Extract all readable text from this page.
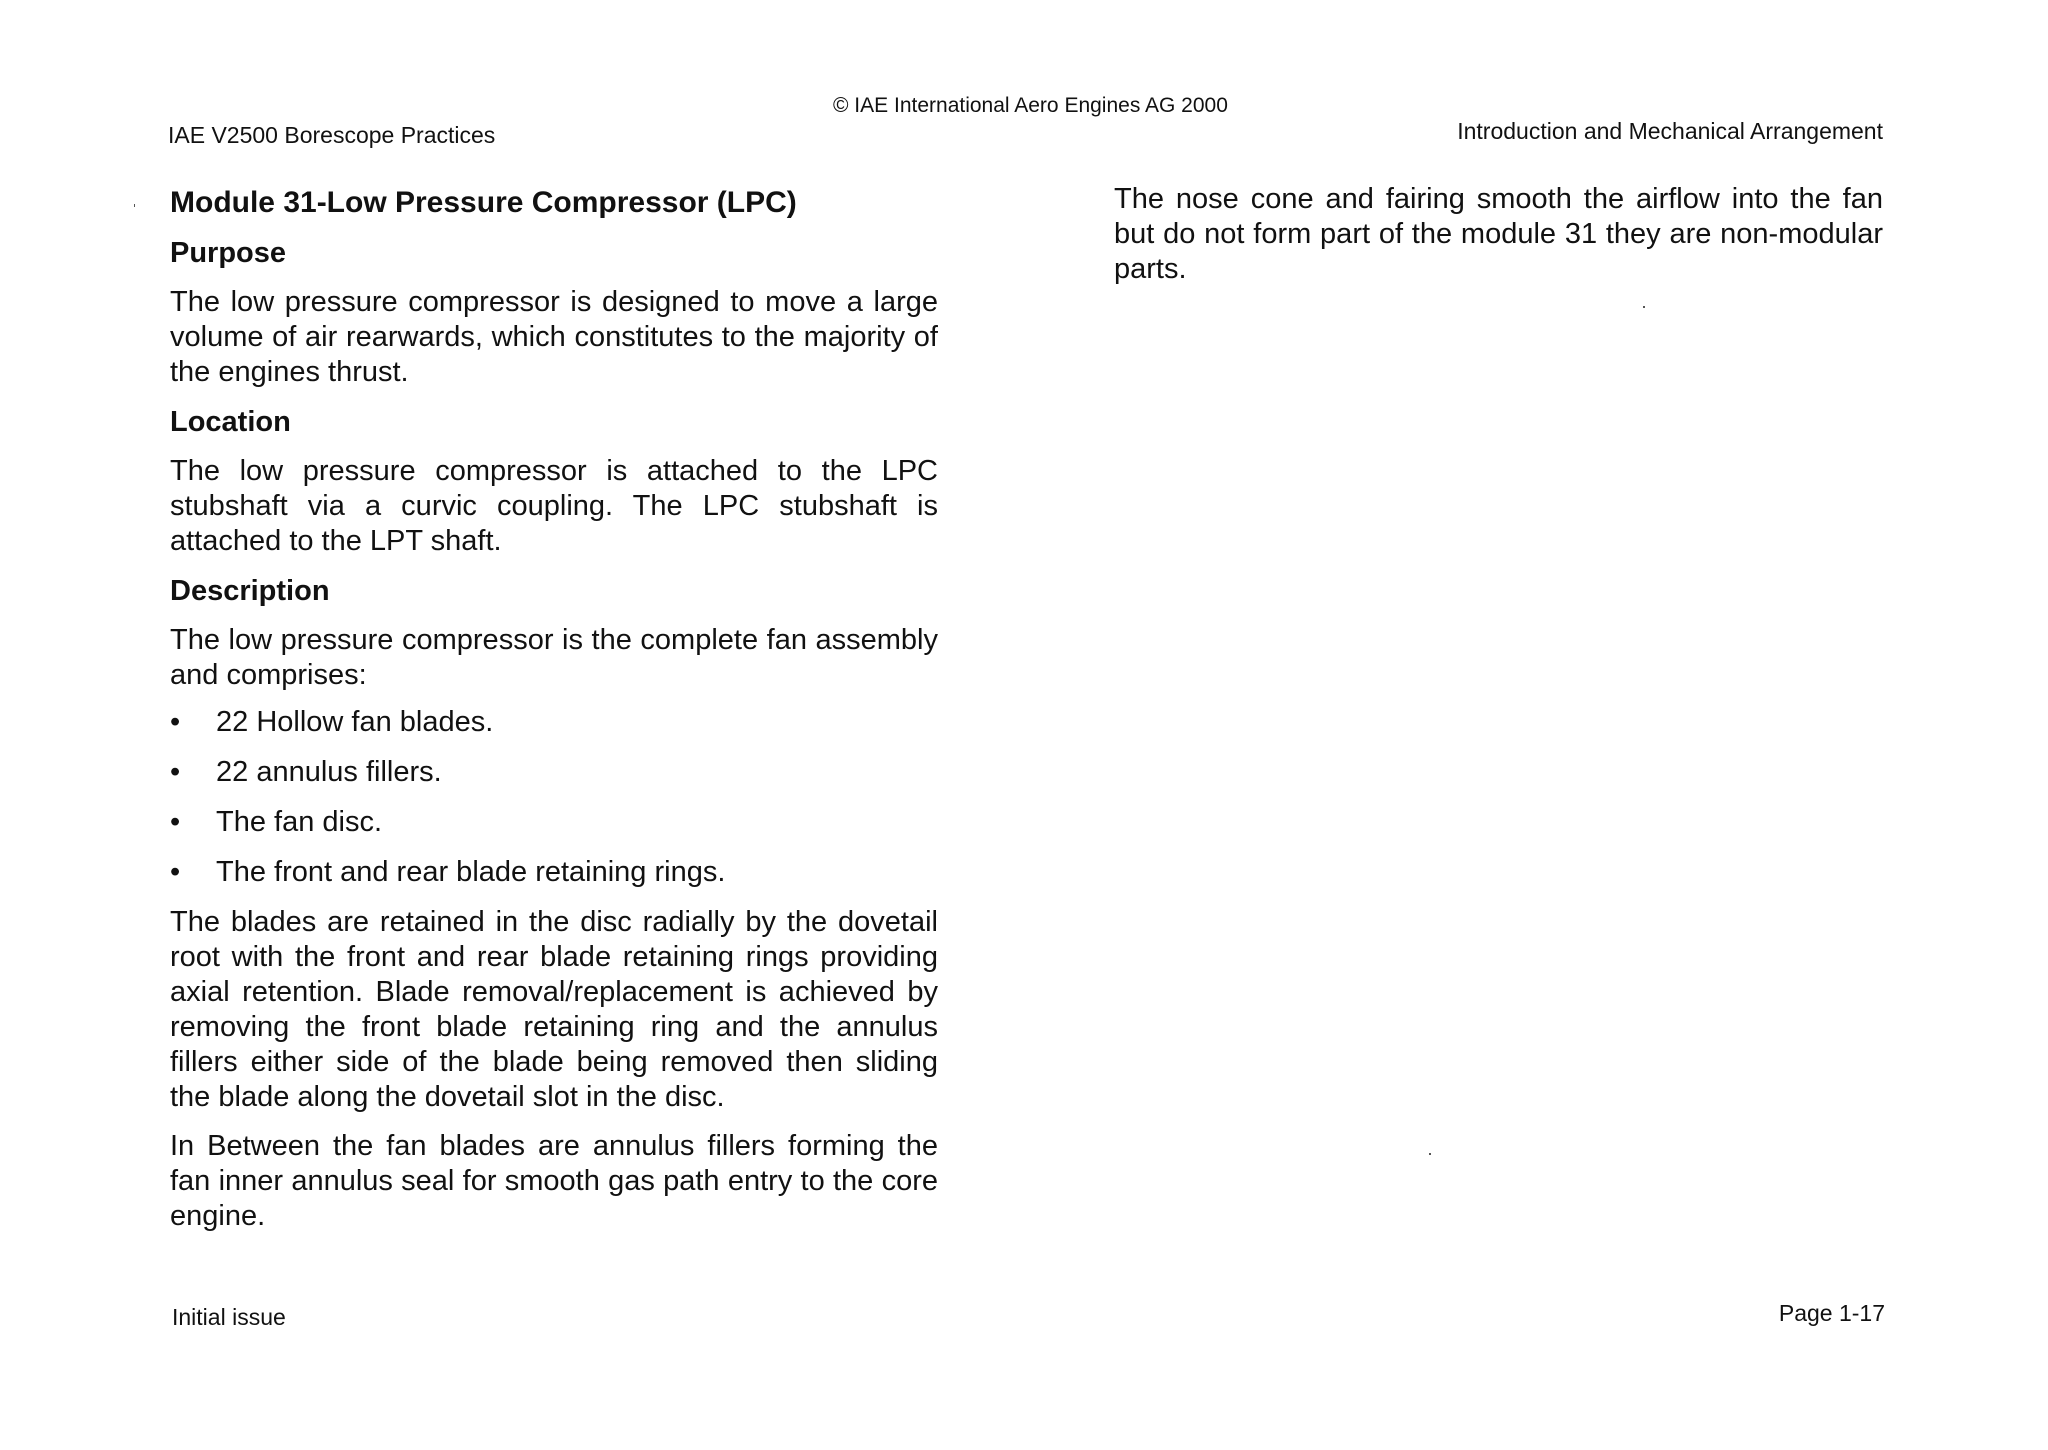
IAE V2500 Borescope Practices
© IAE International Aero Engines AG 2000
Introduction and Mechanical Arrangement
Module 31-Low Pressure Compressor (LPC)
Purpose

The low pressure compressor is designed to move a large volume of air rearwards, which constitutes to the majority of the engines thrust.

Location

The low pressure compressor is attached to the LPC stubshaft via a curvic coupling. The LPC stubshaft is attached to the LPT shaft.

Description

The low pressure compressor is the complete fan assembly and comprises:

•	22 Hollow fan blades.
•	22 annulus fillers.
•	The fan disc.
•	The front and rear blade retaining rings.

The blades are retained in the disc radially by the dovetail root with the front and rear blade retaining rings providing axial retention. Blade removal/replacement is achieved by removing the front blade retaining ring and the annulus fillers either side of the blade being removed then sliding the blade along the dovetail slot in the disc.

In Between the fan blades are annulus fillers forming the fan inner annulus seal for smooth gas path entry to the core engine.

The nose cone and fairing smooth the airflow into the fan but do not form part of the module 31 they are non-modular parts.

Initial issue	Page 1-17
